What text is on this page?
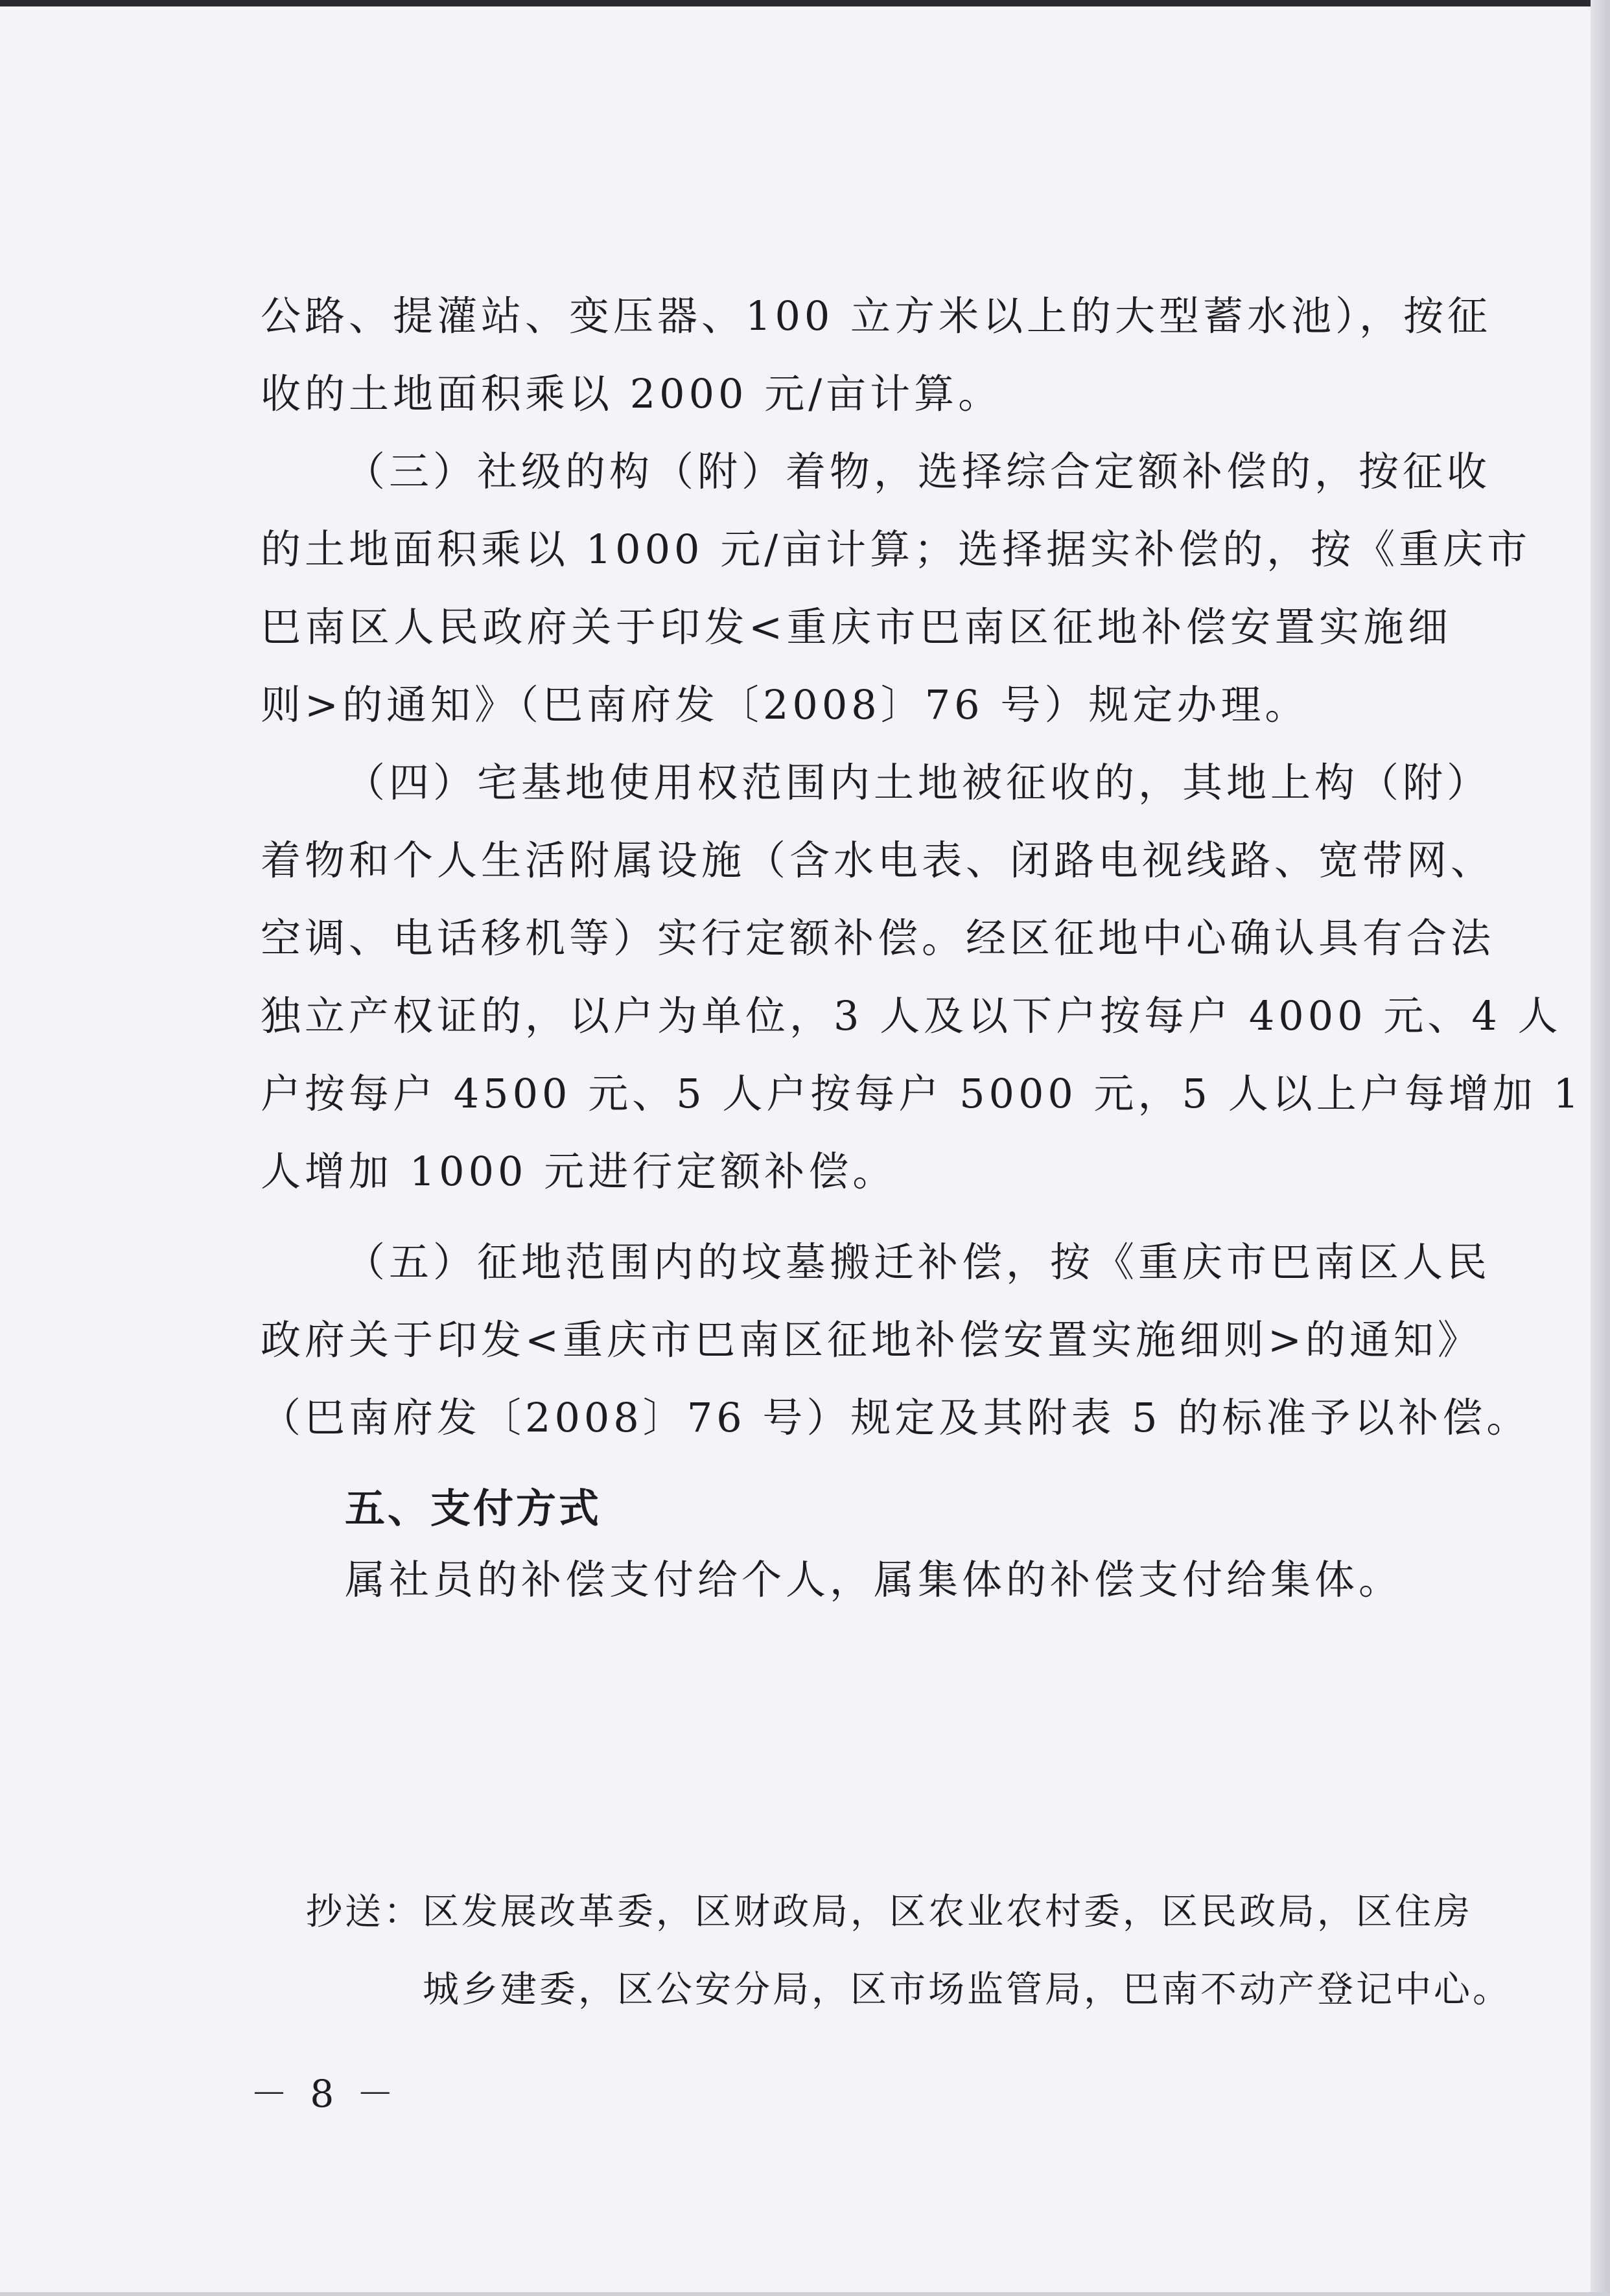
公路、提灌站、变压器、100 立方米以上的大型蓄水池），按征

收的土地面积乘以 2000 元/亩计算。

（三）社级的构（附）着物，选择综合定额补偿的，按征收

的土地面积乘以 1000 元/亩计算；选择据实补偿的，按《重庆市

巴南区人民政府关于印发<重庆市巴南区征地补偿安置实施细

则>的通知》（巴南府发〔2008〕76 号）规定办理。

（四）宅基地使用权范围内土地被征收的，其地上构（附）

着物和个人生活附属设施（含水电表、闭路电视线路、宽带网、

空调、电话移机等）实行定额补偿。经区征地中心确认具有合法

独立产权证的，以户为单位，3 人及以下户按每户 4000 元、4 人

户按每户 4500 元、5 人户按每户 5000 元，5 人以上户每增加 1

人增加 1000 元进行定额补偿。

（五）征地范围内的坟墓搬迁补偿，按《重庆市巴南区人民

政府关于印发<重庆市巴南区征地补偿安置实施细则>的通知》

（巴南府发〔2008〕76 号）规定及其附表 5 的标准予以补偿。

五、支付方式

属社员的补偿支付给个人，属集体的补偿支付给集体。

抄送：区发展改革委，区财政局，区农业农村委，区民政局，区住房
城乡建委，区公安分局，区市场监管局，巴南不动产登记中心。
－ 8 －
